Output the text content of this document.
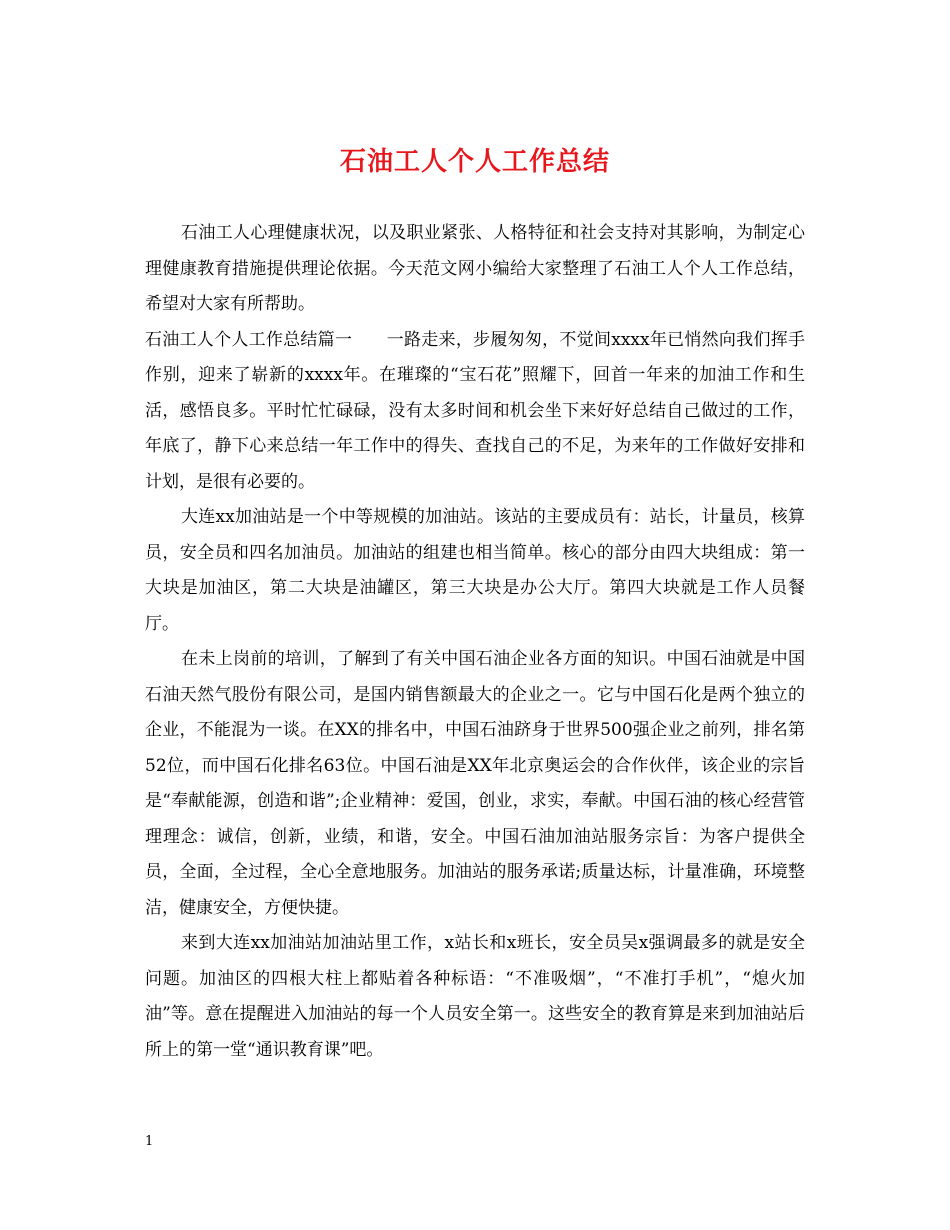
石油工人个人工作总结

石油工人心理健康状况，以及职业紧张、人格特征和社会支持对其影响，为制定心理健康教育措施提供理论依据。今天范文网小编给大家整理了石油工人个人工作总结，希望对大家有所帮助。

石油工人个人工作总结篇一　　一路走来，步履匆匆，不觉间xxxx年已悄然向我们挥手作别，迎来了崭新的xxxx年。在璀璨的“宝石花”照耀下，回首一年来的加油工作和生活，感悟良多。平时忙忙碌碌，没有太多时间和机会坐下来好好总结自己做过的工作，年底了，静下心来总结一年工作中的得失、查找自己的不足，为来年的工作做好安排和计划，是很有必要的。

大连xx加油站是一个中等规模的加油站。该站的主要成员有：站长，计量员，核算员，安全员和四名加油员。加油站的组建也相当简单。核心的部分由四大块组成：第一大块是加油区，第二大块是油罐区，第三大块是办公大厅。第四大块就是工作人员餐厅。

在未上岗前的培训，了解到了有关中国石油企业各方面的知识。中国石油就是中国石油天然气股份有限公司，是国内销售额最大的企业之一。它与中国石化是两个独立的企业，不能混为一谈。在XX的排名中，中国石油跻身于世界500强企业之前列，排名第52位，而中国石化排名63位。中国石油是XX年北京奥运会的合作伙伴，该企业的宗旨是“奉献能源，创造和谐”;企业精神：爱国，创业，求实，奉献。中国石油的核心经营管理理念：诚信，创新，业绩，和谐，安全。中国石油加油站服务宗旨：为客户提供全员，全面，全过程，全心全意地服务。加油站的服务承诺;质量达标，计量准确，环境整洁，健康安全，方便快捷。

来到大连xx加油站加油站里工作，x站长和x班长，安全员吴x强调最多的就是安全问题。加油区的四根大柱上都贴着各种标语：“不准吸烟”，“不准打手机”，“熄火加油”等。意在提醒进入加油站的每一个人员安全第一。这些安全的教育算是来到加油站后所上的第一堂“通识教育课”吧。

1
